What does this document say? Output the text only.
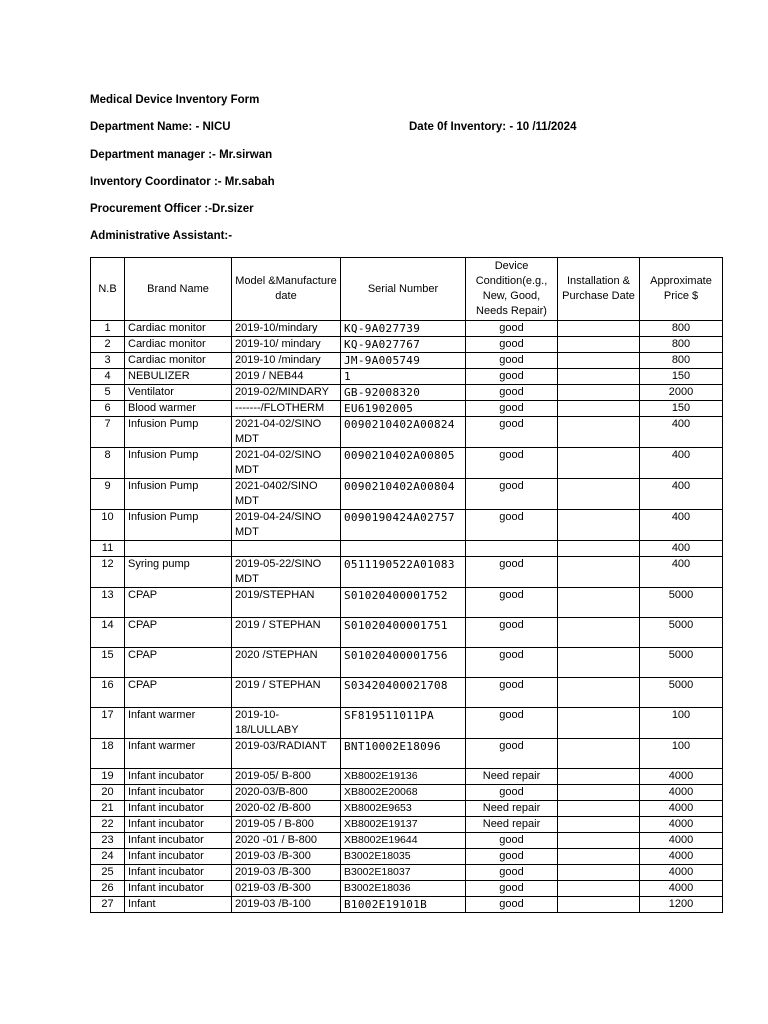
Medical Device Inventory Form
Department Name: - NICU	Date 0f Inventory: - 10 /11/2024
Department manager :- Mr.sirwan
Inventory Coordinator :- Mr.sabah
Procurement Officer :-Dr.sizer
Administrative Assistant:-
N.B	Brand Name	Model &Manufacture date	Serial Number	Device Condition(e.g., New, Good, Needs Repair)	Installation & Purchase Date	Approximate Price $
1	Cardiac monitor	2019-10/mindary	KQ-9A027739	good		800
2	Cardiac monitor	2019-10/ mindary	KQ-9A027767	good		800
3	Cardiac monitor	2019-10 /mindary	JM-9A005749	good		800
4	NEBULIZER	2019 / NEB44	1	good		150
5	Ventilator	2019-02/MINDARY	GB-92008320	good		2000
6	Blood warmer	-------/FLOTHERM	EU61902005	good		150
7	Infusion Pump	2021-04-02/SINO MDT	0090210402A00824	good		400
8	Infusion Pump	2021-04-02/SINO MDT	0090210402A00805	good		400
9	Infusion Pump	2021-0402/SINO MDT	0090210402A00804	good		400
10	Infusion Pump	2019-04-24/SINO MDT	0090190424A02757	good		400
11						400
12	Syring pump	2019-05-22/SINO MDT	0511190522A01083	good		400
13	CPAP	2019/STEPHAN	S01020400001752	good		5000
14	CPAP	2019 / STEPHAN	S01020400001751	good		5000
15	CPAP	2020 /STEPHAN	S01020400001756	good		5000
16	CPAP	2019 / STEPHAN	S03420400021708	good		5000
17	Infant warmer	2019-10-18/LULLABY	SF819511011PA	good		100
18	Infant warmer	2019-03/RADIANT	BNT10002E18096	good		100
19	Infant incubator	2019-05/ B-800	XB8002E19136	Need repair		4000
20	Infant incubator	2020-03/B-800	XB8002E20068	good		4000
21	Infant incubator	2020-02 /B-800	XB8002E9653	Need repair		4000
22	Infant incubator	2019-05 / B-800	XB8002E19137	Need repair		4000
23	Infant incubator	2020 -01 / B-800	XB8002E19644	good		4000
24	Infant incubator	2019-03 /B-300	B3002E18035	good		4000
25	Infant incubator	2019-03 /B-300	B3002E18037	good		4000
26	Infant incubator	0219-03 /B-300	B3002E18036	good		4000
27	Infant	2019-03 /B-100	B1002E19101B	good		1200
